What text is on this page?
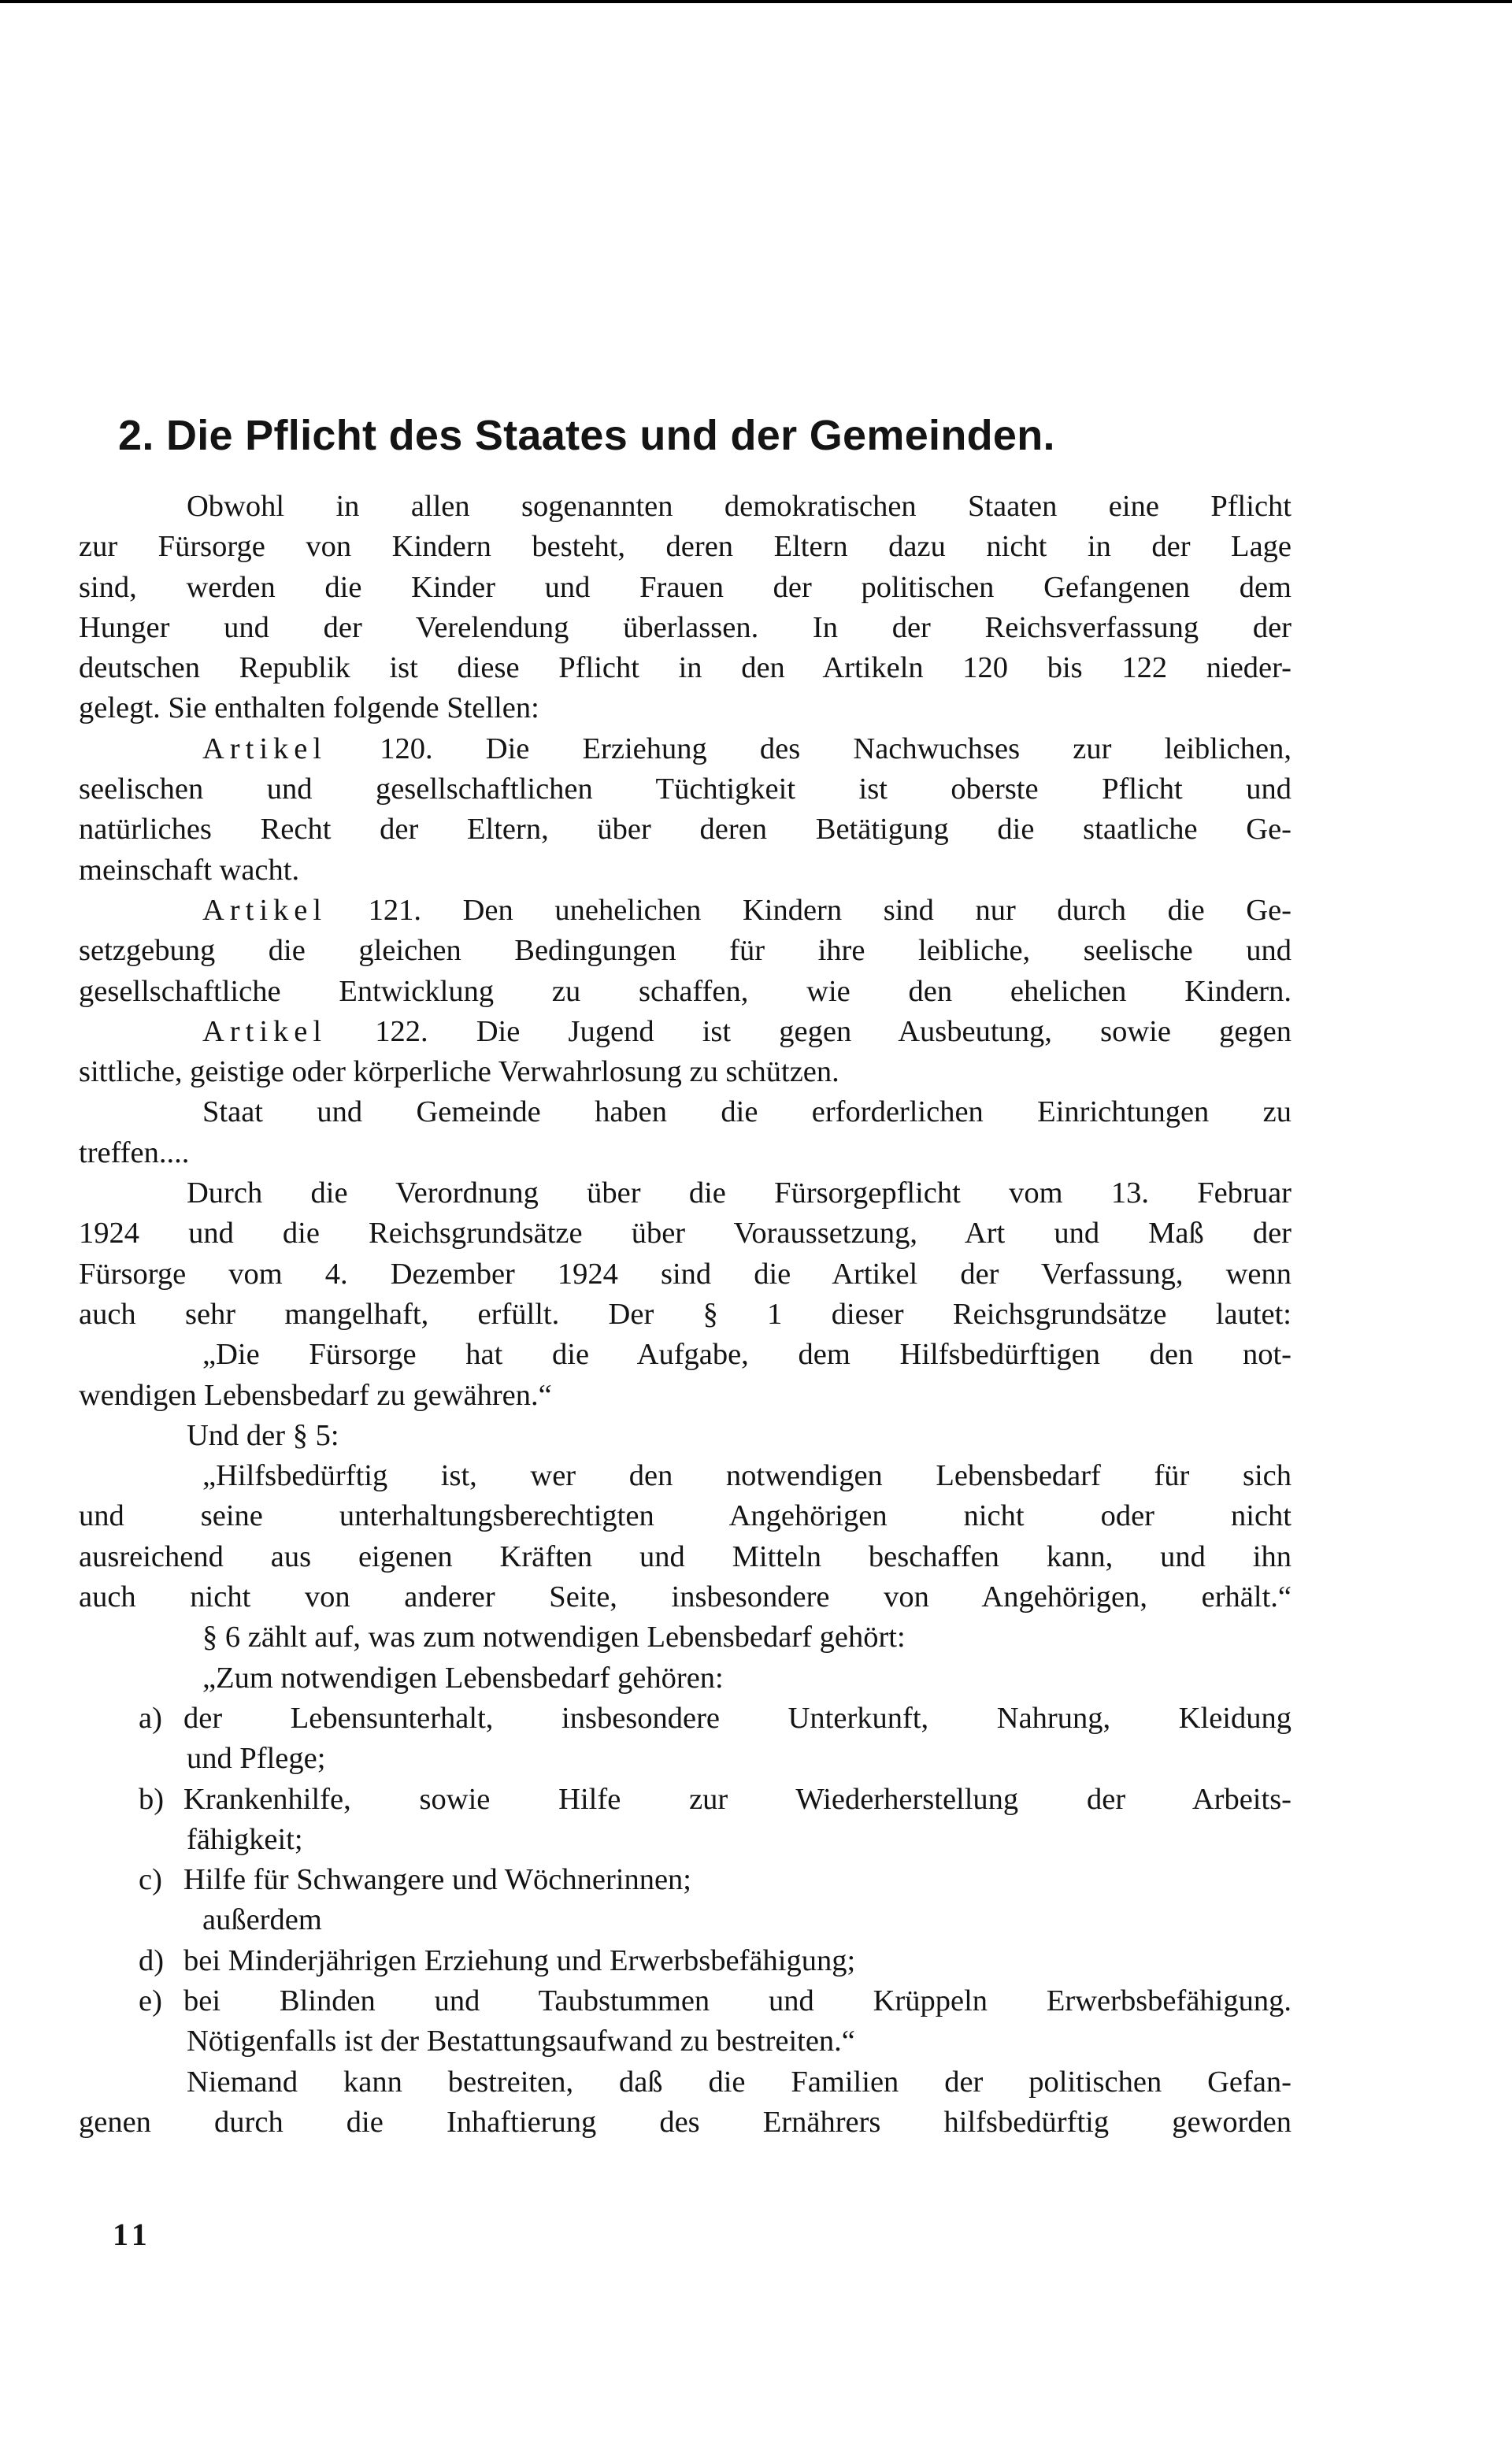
2. Die Pflicht des Staates und der Gemeinden.
Obwohl in allen sogenannten demokratischen Staaten eine Pflicht
zur Fürsorge von Kindern besteht, deren Eltern dazu nicht in der Lage
sind, werden die Kinder und Frauen der politischen Gefangenen dem
Hunger und der Verelendung überlassen. In der Reichsverfassung der
deutschen Republik ist diese Pflicht in den Artikeln 120 bis 122 nieder-
gelegt. Sie enthalten folgende Stellen:
Artikel 120. Die Erziehung des Nachwuchses zur leiblichen,
seelischen und gesellschaftlichen Tüchtigkeit ist oberste Pflicht und
natürliches Recht der Eltern, über deren Betätigung die staatliche Ge-
meinschaft wacht.
Artikel 121. Den unehelichen Kindern sind nur durch die Ge-
setzgebung die gleichen Bedingungen für ihre leibliche, seelische und
gesellschaftliche Entwicklung zu schaffen, wie den ehelichen Kindern.
Artikel 122. Die Jugend ist gegen Ausbeutung, sowie gegen
sittliche, geistige oder körperliche Verwahrlosung zu schützen.
Staat und Gemeinde haben die erforderlichen Einrichtungen zu
treffen....
Durch die Verordnung über die Fürsorgepflicht vom 13. Februar
1924 und die Reichsgrundsätze über Voraussetzung, Art und Maß der
Fürsorge vom 4. Dezember 1924 sind die Artikel der Verfassung, wenn
auch sehr mangelhaft, erfüllt. Der § 1 dieser Reichsgrundsätze lautet:
„Die Fürsorge hat die Aufgabe, dem Hilfsbedürftigen den not-
wendigen Lebensbedarf zu gewähren.“
Und der § 5:
„Hilfsbedürftig ist, wer den notwendigen Lebensbedarf für sich
und seine unterhaltungsberechtigten Angehörigen nicht oder nicht
ausreichend aus eigenen Kräften und Mitteln beschaffen kann, und ihn
auch nicht von anderer Seite, insbesondere von Angehörigen, erhält.“
§ 6 zählt auf, was zum notwendigen Lebensbedarf gehört:
„Zum notwendigen Lebensbedarf gehören:
a) der Lebensunterhalt, insbesondere Unterkunft, Nahrung, Kleidung
und Pflege;
b) Krankenhilfe, sowie Hilfe zur Wiederherstellung der Arbeits-
fähigkeit;
c) Hilfe für Schwangere und Wöchnerinnen;
außerdem
d) bei Minderjährigen Erziehung und Erwerbsbefähigung;
e) bei Blinden und Taubstummen und Krüppeln Erwerbsbefähigung.
Nötigenfalls ist der Bestattungsaufwand zu bestreiten.“
Niemand kann bestreiten, daß die Familien der politischen Gefan-
genen durch die Inhaftierung des Ernährers hilfsbedürftig geworden
11
